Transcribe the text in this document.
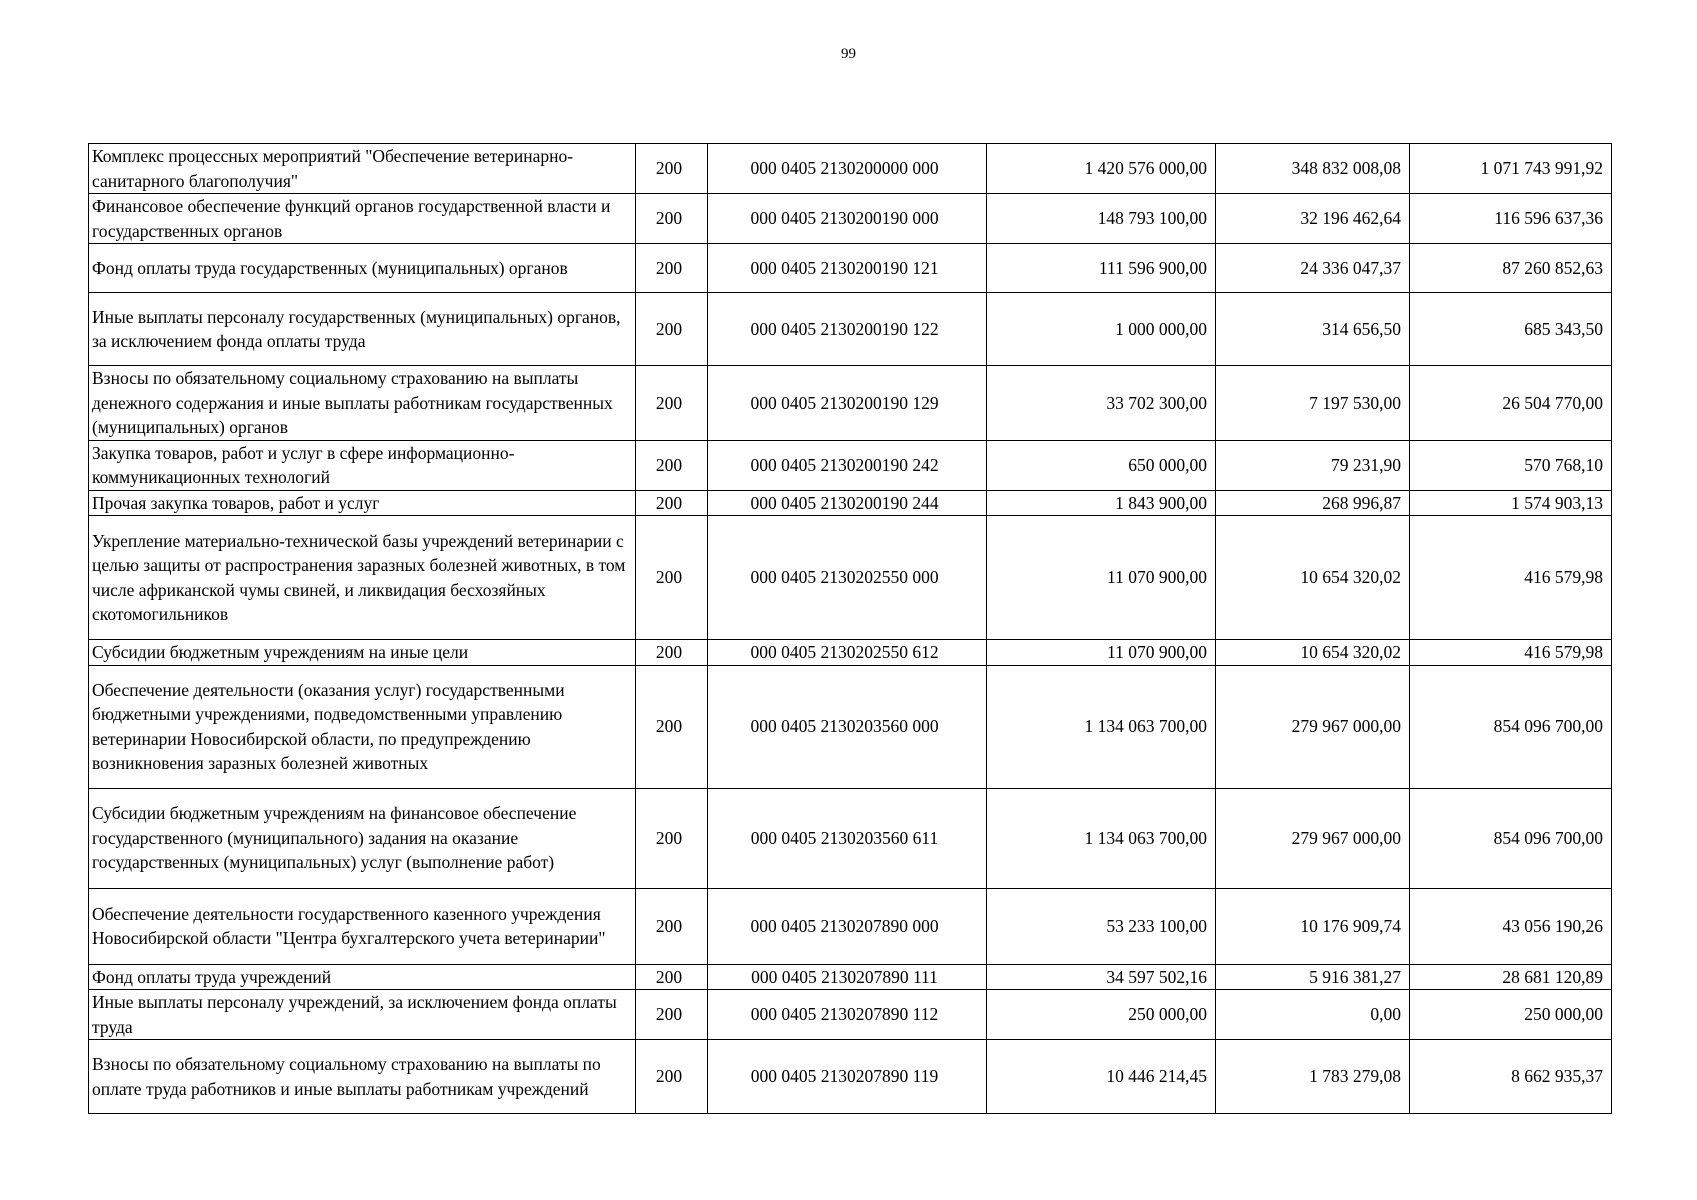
99
Комплекс процессных мероприятий "Обеспечение ветеринарно-санитарного благополучия"	200	000 0405 2130200000 000	1 420 576 000,00	348 832 008,08	1 071 743 991,92
Финансовое обеспечение функций органов государственной власти и государственных органов	200	000 0405 2130200190 000	148 793 100,00	32 196 462,64	116 596 637,36
Фонд оплаты труда государственных (муниципальных) органов	200	000 0405 2130200190 121	111 596 900,00	24 336 047,37	87 260 852,63
Иные выплаты персоналу государственных (муниципальных) органов, за исключением фонда оплаты труда	200	000 0405 2130200190 122	1 000 000,00	314 656,50	685 343,50
Взносы по обязательному социальному страхованию на выплаты денежного содержания и иные выплаты работникам государственных (муниципальных) органов	200	000 0405 2130200190 129	33 702 300,00	7 197 530,00	26 504 770,00
Закупка товаров, работ и услуг в сфере информационно-коммуникационных технологий	200	000 0405 2130200190 242	650 000,00	79 231,90	570 768,10
Прочая закупка товаров, работ и услуг	200	000 0405 2130200190 244	1 843 900,00	268 996,87	1 574 903,13
Укрепление материально-технической базы учреждений ветеринарии с целью защиты от распространения заразных болезней животных, в том числе африканской чумы свиней, и ликвидация бесхозяйных скотомогильников	200	000 0405 2130202550 000	11 070 900,00	10 654 320,02	416 579,98
Субсидии бюджетным учреждениям на иные цели	200	000 0405 2130202550 612	11 070 900,00	10 654 320,02	416 579,98
Обеспечение деятельности (оказания услуг) государственными бюджетными учреждениями, подведомственными управлению ветеринарии Новосибирской области, по предупреждению возникновения заразных болезней животных	200	000 0405 2130203560 000	1 134 063 700,00	279 967 000,00	854 096 700,00
Субсидии бюджетным учреждениям на финансовое обеспечение государственного (муниципального) задания на оказание государственных (муниципальных) услуг (выполнение работ)	200	000 0405 2130203560 611	1 134 063 700,00	279 967 000,00	854 096 700,00
Обеспечение деятельности государственного казенного учреждения Новосибирской области "Центра бухгалтерского учета ветеринарии"	200	000 0405 2130207890 000	53 233 100,00	10 176 909,74	43 056 190,26
Фонд оплаты труда учреждений	200	000 0405 2130207890 111	34 597 502,16	5 916 381,27	28 681 120,89
Иные выплаты персоналу учреждений, за исключением фонда оплаты труда	200	000 0405 2130207890 112	250 000,00	0,00	250 000,00
Взносы по обязательному социальному страхованию на выплаты по оплате труда работников и иные выплаты работникам учреждений	200	000 0405 2130207890 119	10 446 214,45	1 783 279,08	8 662 935,37
